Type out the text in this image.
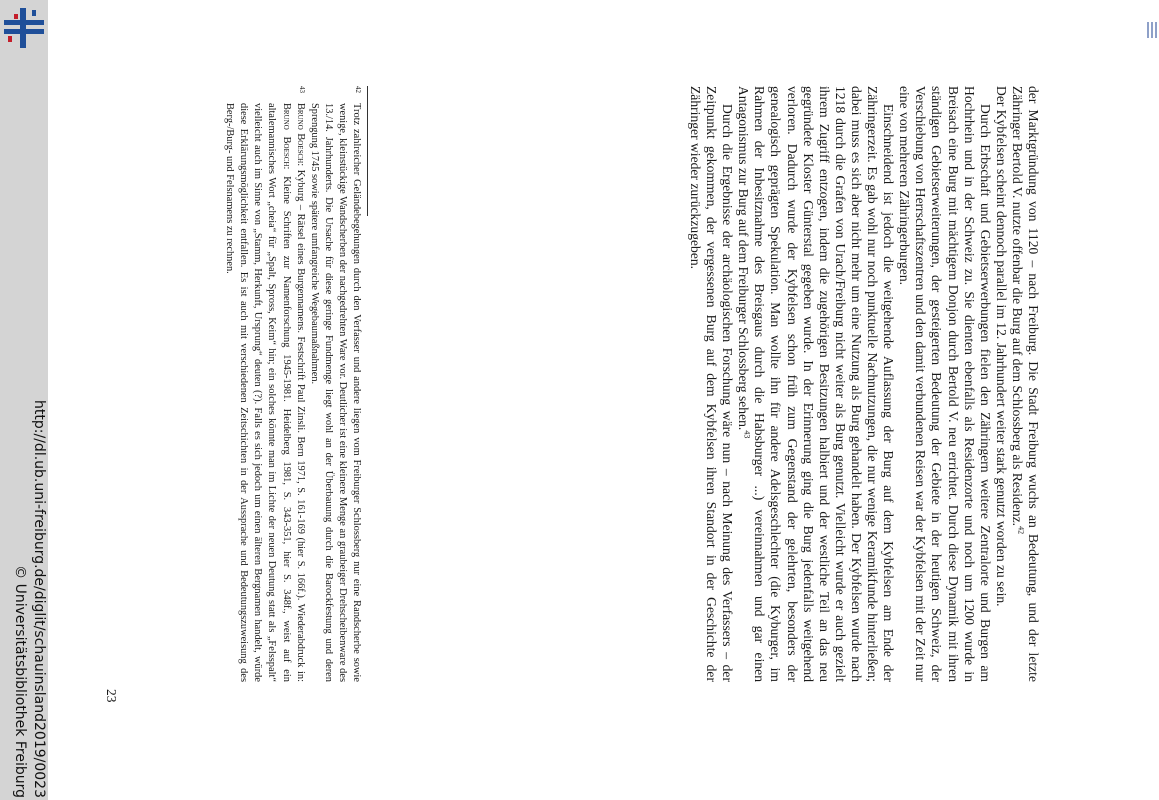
http://dl.ub.uni-freiburg.de/diglit/schauinsland2019/0023
© Universitätsbibliothek Freiburg	der Marktgründung von 1120 – nach Freiburg. Die Stadt Freiburg wuchs an Bedeutung, und der letzte Zähringer Bertold V. nutzte offenbar die Burg auf dem Schlossberg als Residenz.$^{42}$

Der Kybfelsen scheint dennoch parallel im 12. Jahrhundert weiter stark genutzt worden zu sein.

Durch Erbschaft und Gebietserwerbungen fielen den Zähringern weitere Zentralorte und Burgen am Hochrhein und in der Schweiz zu. Sie dienten ebenfalls als Residenzorte und noch um 1200 wurde in Breisach eine Burg mit mächtigem Donjon durch Bertold V. neu errichtet. Durch diese Dynamik mit ihren ständigen Gebietserweiterungen, der gesteigerten Bedeutung der Gebiete in der heutigen Schweiz, der Verschiebung von Herrschaftszentren und den damit verbundenen Reisen war der Kybfelsen mit der Zeit nur eine von mehreren Zähringerburgen.

Einschneidend ist jedoch die weitgehende Auflassung der Burg auf dem Kybfelsen am Ende der Zähringerzeit. Es gab wohl nur noch punktuelle Nachnutzungen, die nur wenige Keramikfunde hinterließen; dabei muss es sich aber nicht mehr um eine Nutzung als Burg gehandelt haben. Der Kybfelsen wurde nach 1218 durch die Grafen von Urach/Freiburg nicht weiter als Burg genutzt. Vielleicht wurde er auch gezielt ihrem Zugriff entzogen, indem die zugehörigen Besitzungen halbiert und der westliche Teil an das neu gegründete Kloster Günterstal gegeben wurde. In der Erinnerung ging die Burg jedenfalls weitgehend verloren. Dadurch wurde der Kybfelsen schon früh zum Gegenstand der gelehrten, besonders der genealogisch geprägten Spekulation. Man wollte ihn für andere Adelsgeschlechter (die Kyburger, im Rahmen der Inbesitznahme des Breisgaus durch die Habsburger ...) vereinnahmen und gar einen Antagonismus zur Burg auf dem Freiburger Schlossberg sehen.$^{43}$

Durch die Ergebnisse der archäologischen Forschung wäre nun – nach Meinung des Verfassers – der Zeitpunkt gekommen, der vergessenen Burg auf dem Kybfelsen ihren Standort in der Geschichte der Zähringer wieder zurückzugeben.

42

Trotz zahlreicher Geländebegehungen durch den Verfasser und andere liegen vom Freiburger Schlossberg nur eine Randscherbe sowie wenige, kleinstückige Wandscherben der nachgedrehten Ware vor. Deutlicher ist eine kleinere Menge an graubeiger Drehscheibenware des 13./14. Jahrhunderts. Die Ursache für diese geringe Fundmenge liegt wohl an der Überbauung durch die Barockfestung und deren Sprengung 1745 sowie spätere umfangreiche Wegebaumaßnahmen.

43

Bruno Boesch: Kyburg – Rätsel eines Burgennamens. Festschrift Paul Zinsli. Bern 1971, S. 161-169 (hier S. 166f.). Wiederabdruck in: Bruno Boesch: Kleine Schriften zur Namenforschung 1945-1981. Heidelberg 1981, S. 343-351, hier S. 348f., weist auf ein altalemannisches Wort „cheia“ für „Spalt, Spross, Keim“ hin; ein solches könnte man im Lichte der neuen Deutung statt als „Felsspalt“ vielleicht auch im Sinne von „Stamm, Herkunft, Ursprung“ deuten (?). Falls es sich jedoch um einen älteren Bergnamen handelt, würde diese Erklärungsmöglichkeit entfallen. Es ist auch mit verschiedenen Zeitschichten in der Aussprache und Bedeutungszuweisung des Berg-/Burg- und Felsnamens zu rechnen.

23
